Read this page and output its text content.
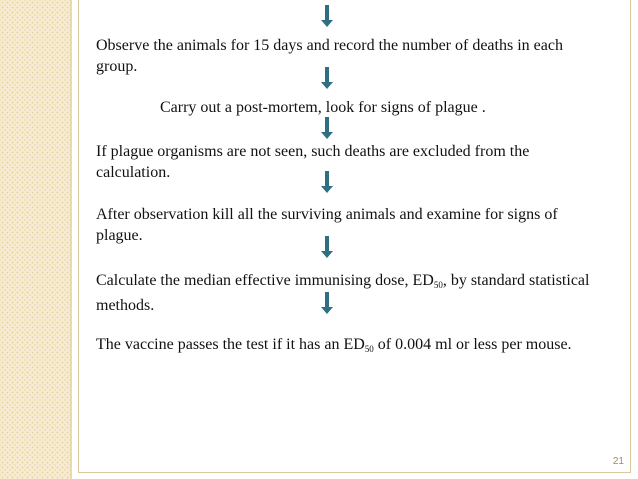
Observe the animals for 15 days and record the number of deaths in each group.

Carry out a post-mortem, look for signs of plague .

If plague organisms are not seen, such deaths are excluded from the calculation.

After observation kill all the surviving animals and examine for signs of plague.

Calculate the median effective immunising dose, ED50, by standard statistical methods.

The vaccine passes the test if it has an ED50 of 0.004 ml or less per mouse.

21
